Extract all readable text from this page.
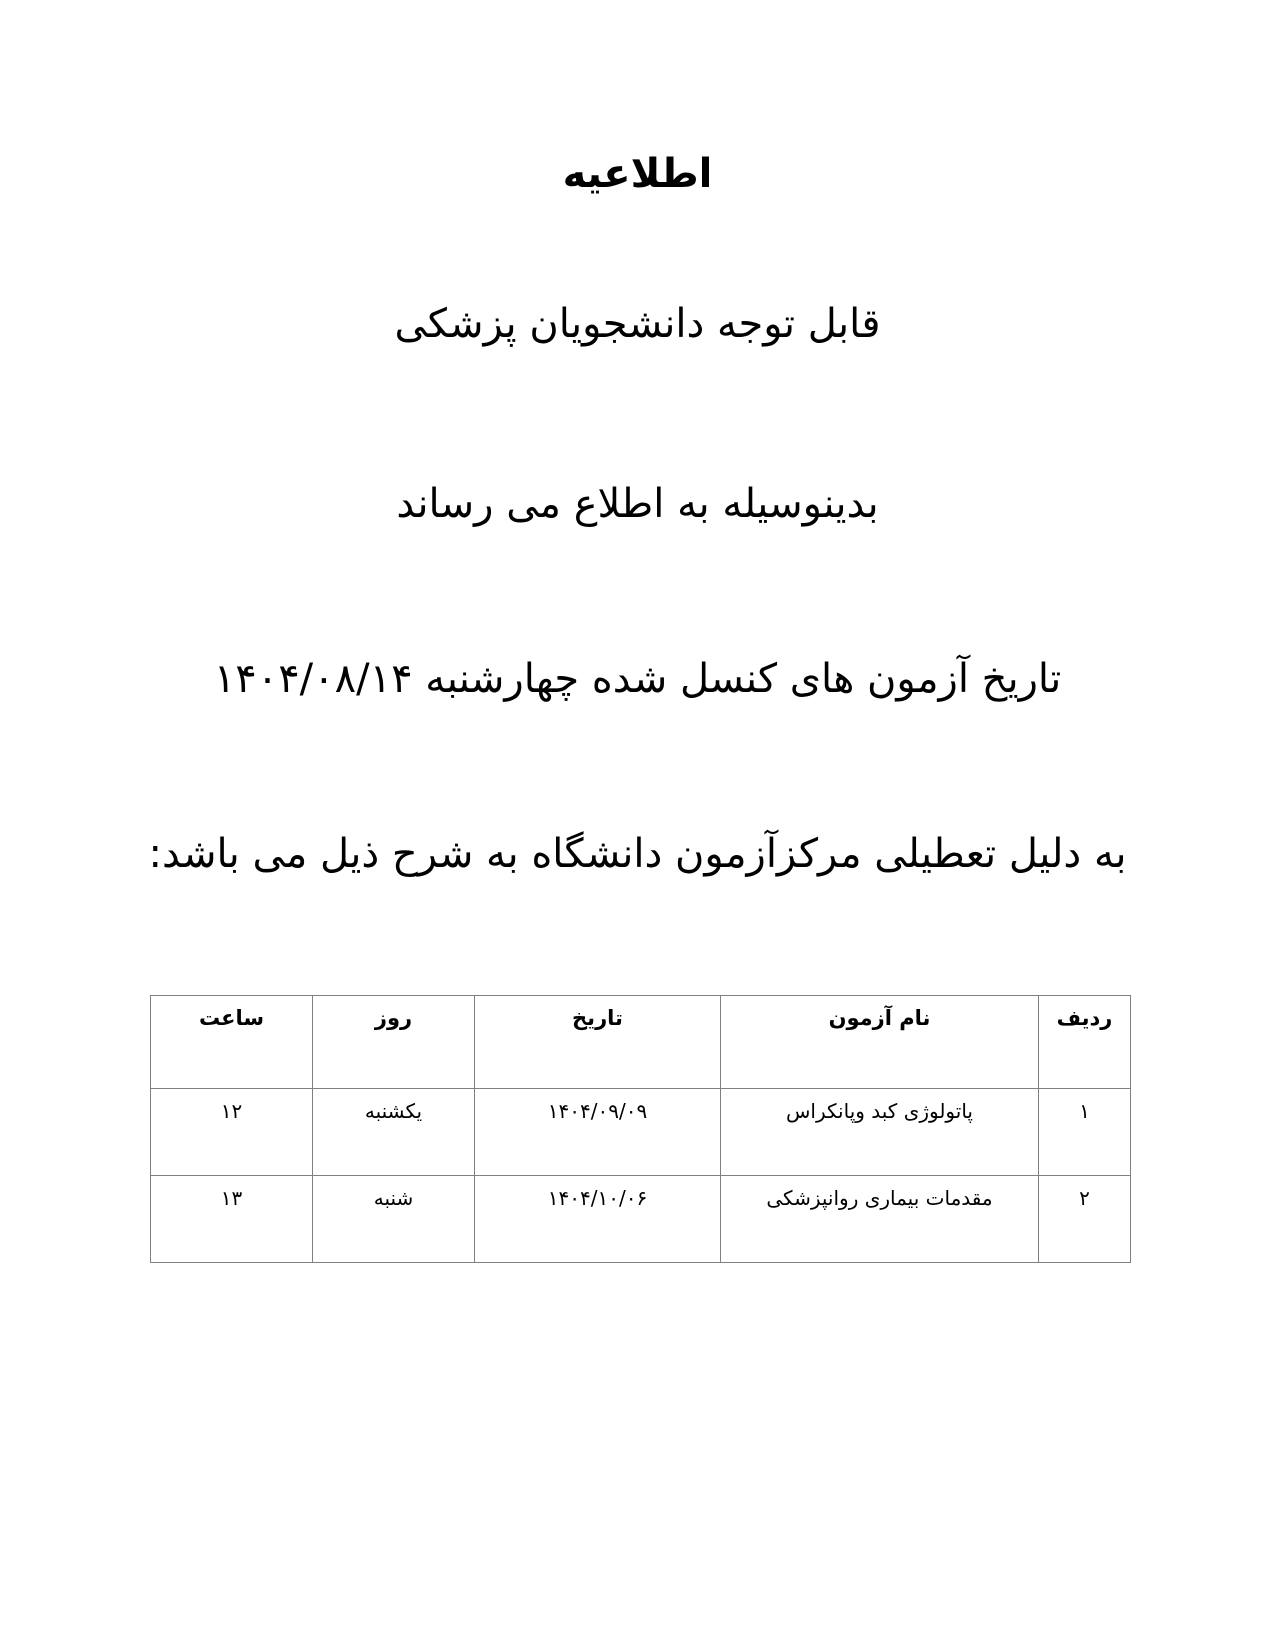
اطلاعیه
قابل توجه دانشجویان پزشکی
بدینوسیله به اطلاع می رساند
تاریخ آزمون های کنسل شده چهارشنبه ۱۴۰۴/۰۸/۱۴
به دلیل تعطیلی مرکزآزمون دانشگاه به شرح ذیل می باشد:
ردیف	نام آزمون	تاریخ	روز	ساعت
۱	پاتولوژی کبد وپانکراس	۱۴۰۴/۰۹/۰۹	یکشنبه	۱۲
۲	مقدمات بیماری روانپزشکی	۱۴۰۴/۱۰/۰۶	شنبه	۱۳
